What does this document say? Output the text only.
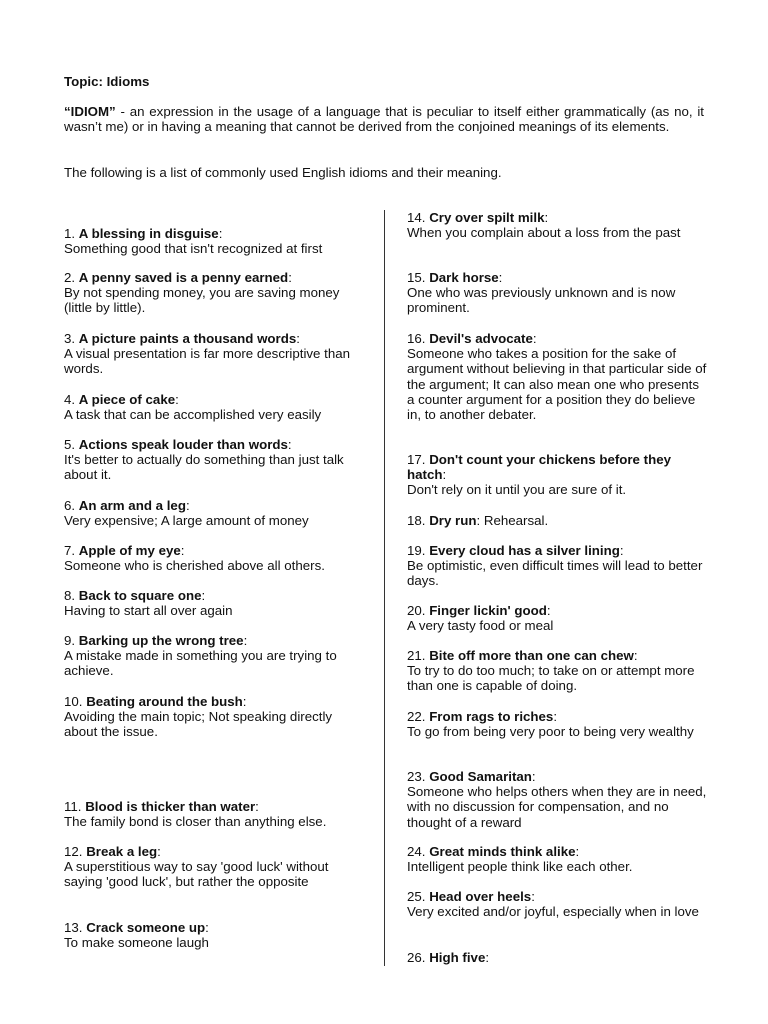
Topic: Idioms
“IDIOM” - an expression in the usage of a language that is peculiar to itself either grammatically (as no, it wasn’t me) or in having a meaning that cannot be derived from the conjoined meanings of its elements.
The following is a list of commonly used English idioms and their meaning.
1. A blessing in disguise:
Something good that isn't recognized at first
2. A penny saved is a penny earned:
By not spending money, you are saving money (little by little).
3. A picture paints a thousand words:
A visual presentation is far more descriptive than words.
4. A piece of cake:
A task that can be accomplished very easily
5. Actions speak louder than words:
It's better to actually do something than just talk about it.
6. An arm and a leg:
Very expensive; A large amount of money
7. Apple of my eye:
Someone who is cherished above all others.
8. Back to square one:
Having to start all over again
9. Barking up the wrong tree:
A mistake made in something you are trying to achieve.
10. Beating around the bush:
Avoiding the main topic; Not speaking directly about the issue.
11. Blood is thicker than water:
The family bond is closer than anything else.
12. Break a leg:
A superstitious way to say 'good luck' without saying 'good luck', but rather the opposite
13. Crack someone up:
To make someone laugh
14. Cry over spilt milk:
When you complain about a loss from the past
15. Dark horse:
One who was previously unknown and is now prominent.
16. Devil's advocate:
Someone who takes a position for the sake of argument without believing in that particular side of the argument; It can also mean one who presents a counter argument for a position they do believe in, to another debater.
17. Don't count your chickens before they hatch:
Don't rely on it until you are sure of it.
18. Dry run: Rehearsal.
19. Every cloud has a silver lining:
Be optimistic, even difficult times will lead to better days.
20. Finger lickin' good:
A very tasty food or meal
21. Bite off more than one can chew:
To try to do too much; to take on or attempt more than one is capable of doing.
22. From rags to riches:
To go from being very poor to being very wealthy
23. Good Samaritan:
Someone who helps others when they are in need, with no discussion for compensation, and no thought of a reward
24. Great minds think alike:
Intelligent people think like each other.
25. Head over heels:
Very excited and/or joyful, especially when in love
26. High five:
